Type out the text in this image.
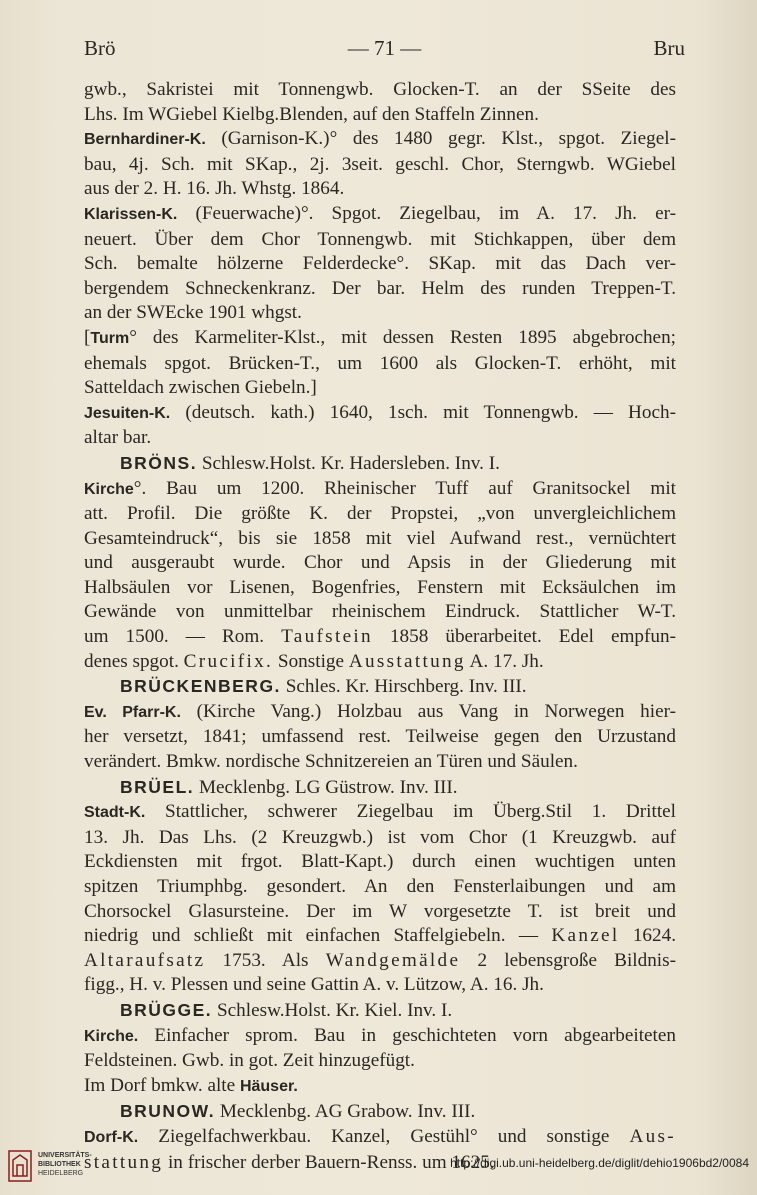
Brö	— 71 —	Bru

gwb., Sakristei mit Tonnengwb. Glocken-T. an der SSeite des

Lhs. Im WGiebel Kielbg.Blenden, auf den Staffeln Zinnen.

Bernhardiner-K. (Garnison-K.)° des 1480 gegr. Klst., spgot. Ziegel-

bau, 4j. Sch. mit SKap., 2j. 3seit. geschl. Chor, Sterngwb. WGiebel

aus der 2. H. 16. Jh. Whstg. 1864.

Klarissen-K. (Feuerwache)°. Spgot. Ziegelbau, im A. 17. Jh. er-

neuert. Über dem Chor Tonnengwb. mit Stichkappen, über dem

Sch. bemalte hölzerne Felderdecke°. SKap. mit das Dach ver-

bergendem Schneckenkranz. Der bar. Helm des runden Treppen-T.

an der SWEcke 1901 whgst.

[Turm° des Karmeliter-Klst., mit dessen Resten 1895 abgebrochen;

ehemals spgot. Brücken-T., um 1600 als Glocken-T. erhöht, mit

Satteldach zwischen Giebeln.]

Jesuiten-K. (deutsch. kath.) 1640, 1sch. mit Tonnengwb. — Hoch-

altar bar.

BRÖNS. Schlesw.Holst. Kr. Hadersleben. Inv. I.

Kirche°. Bau um 1200. Rheinischer Tuff auf Granitsockel mit

att. Profil. Die größte K. der Propstei, „von unvergleichlichem

Gesamteindruck“, bis sie 1858 mit viel Aufwand rest., vernüchtert

und ausgeraubt wurde. Chor und Apsis in der Gliederung mit

Halbsäulen vor Lisenen, Bogenfries, Fenstern mit Ecksäulchen im

Gewände von unmittelbar rheinischem Eindruck. Stattlicher W-T.

um 1500. — Rom. Taufstein 1858 überarbeitet. Edel empfun-

denes spgot. Crucifix. Sonstige Ausstattung A. 17. Jh.

BRÜCKENBERG. Schles. Kr. Hirschberg. Inv. III.

Ev. Pfarr-K. (Kirche Vang.) Holzbau aus Vang in Norwegen hier-

her versetzt, 1841; umfassend rest. Teilweise gegen den Urzustand

verändert. Bmkw. nordische Schnitzereien an Türen und Säulen.

BRÜEL. Mecklenbg. LG Güstrow. Inv. III.

Stadt-K. Stattlicher, schwerer Ziegelbau im Überg.Stil 1. Drittel

13. Jh. Das Lhs. (2 Kreuzgwb.) ist vom Chor (1 Kreuzgwb. auf

Eckdiensten mit frgot. Blatt-Kapt.) durch einen wuchtigen unten

spitzen Triumphbg. gesondert. An den Fensterlaibungen und am

Chorsockel Glasursteine. Der im W vorgesetzte T. ist breit und

niedrig und schließt mit einfachen Staffelgiebeln. — Kanzel 1624.

Altaraufsatz 1753. Als Wandgemälde 2 lebensgroße Bildnis-

figg., H. v. Plessen und seine Gattin A. v. Lützow, A. 16. Jh.

BRÜGGE. Schlesw.Holst. Kr. Kiel. Inv. I.

Kirche. Einfacher sprom. Bau in geschichteten vorn abgearbeiteten

Feldsteinen. Gwb. in got. Zeit hinzugefügt.

Im Dorf bmkw. alte Häuser.

BRUNOW. Mecklenbg. AG Grabow. Inv. III.

Dorf-K. Ziegelfachwerkbau. Kanzel, Gestühl° und sonstige Aus-

stattung in frischer derber Bauern-Renss. um 1625.

UNIVERSITÄTS-
BIBLIOTHEK
HEIDELBERG
http://digi.ub.uni-heidelberg.de/diglit/dehio1906bd2/0084
